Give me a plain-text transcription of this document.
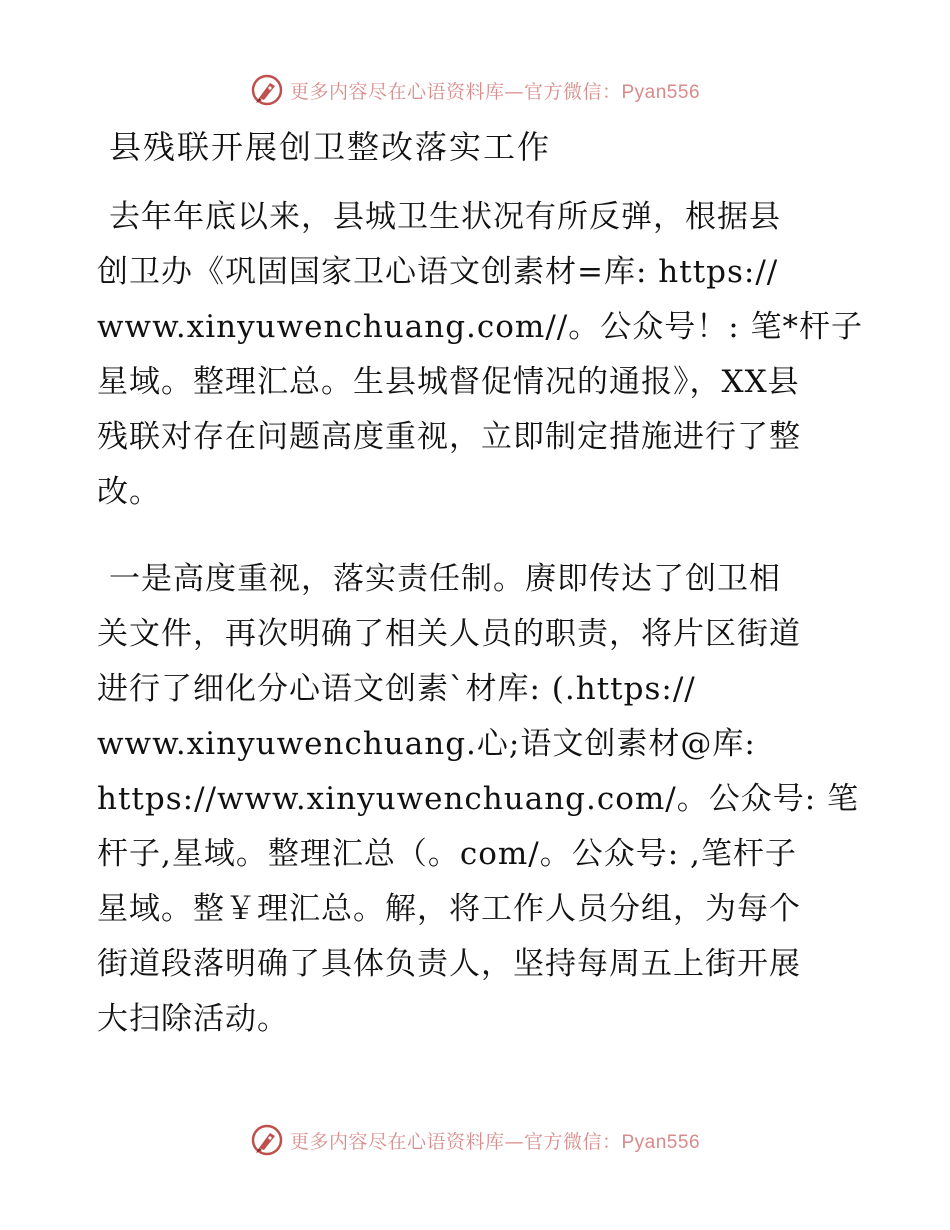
更多内容尽在心语资料库—官方微信：Pyan556
县残联开展创卫整改落实工作

去年年底以来，县城卫生状况有所反弹，根据县
创卫办《巩固国家卫心语文创素材=库: https://
www.xinyuwenchuang.com//。公众号！: 笔*杆子
星域。整理汇总。生县城督促情况的通报》，XX县
残联对存在问题高度重视，立即制定措施进行了整
改。

一是高度重视，落实责任制。赓即传达了创卫相
关文件，再次明确了相关人员的职责，将片区街道
进行了细化分心语文创素`材库: (.https://
www.xinyuwenchuang.心;语文创素材@库:
https://www.xinyuwenchuang.com/。公众号: 笔
杆子,星域。整理汇总（。com/。公众号: ,笔杆子
星域。整￥理汇总。解，将工作人员分组，为每个
街道段落明确了具体负责人，坚持每周五上街开展
大扫除活动。

更多内容尽在心语资料库—官方微信：Pyan556
